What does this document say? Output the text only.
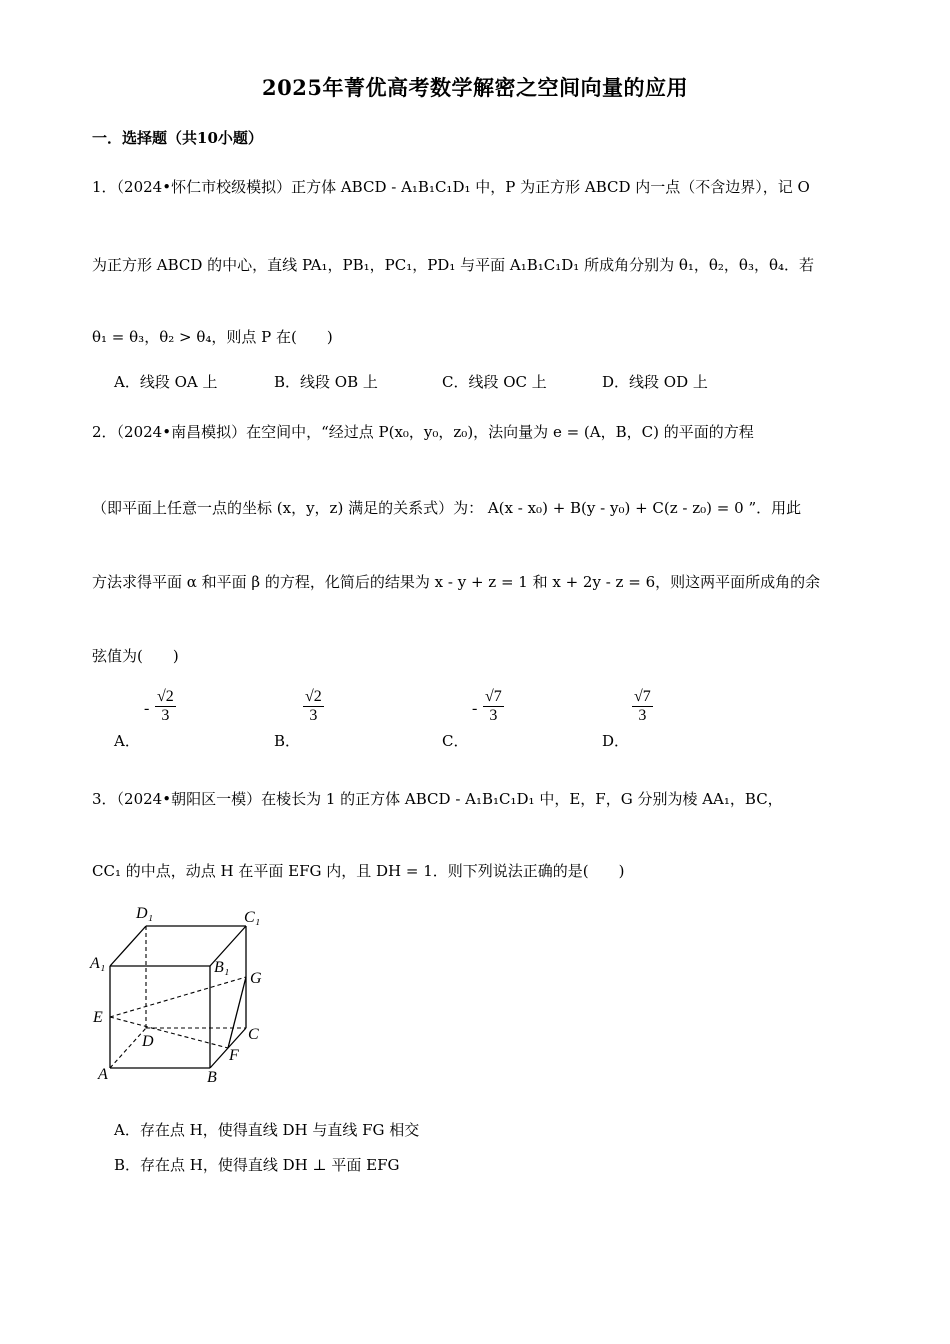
2025年菁优高考数学解密之空间向量的应用
一．选择题（共10小题）
1．（2024•怀仁市校级模拟）正方体 ABCD - A₁B₁C₁D₁ 中，P 为正方形 ABCD 内一点（不含边界），记 O
为正方形 ABCD 的中心，直线 PA₁，PB₁，PC₁，PD₁ 与平面 A₁B₁C₁D₁ 所成角分别为 θ₁，θ₂，θ₃，θ₄．若
θ₁ = θ₃，θ₂ > θ₄，则点 P 在(　　)
A．线段 OA 上	B．线段 OB 上	C．线段 OC 上	D．线段 OD 上
2．（2024•南昌模拟）在空间中，“经过点 P(x₀，y₀，z₀)，法向量为 e = (A，B，C) 的平面的方程
（即平面上任意一点的坐标 (x，y，z) 满足的关系式）为： A(x - x₀) + B(y - y₀) + C(z - z₀) = 0 ”．用此
方法求得平面 α 和平面 β 的方程，化简后的结果为 x - y + z = 1 和 x + 2y - z = 6，则这两平面所成角的余
弦值为(　　)
- $\frac{√2}{3}$
A．
$\frac{√2}{3}$
B．
- $\frac{√7}{3}$
C．
$\frac{√7}{3}$
D．
3．（2024•朝阳区一模）在棱长为 1 的正方体 ABCD - A₁B₁C₁D₁ 中，E，F，G 分别为棱 AA₁，BC，
CC₁ 的中点，动点 H 在平面 EFG 内，且 DH = 1．则下列说法正确的是(　　)
D₁	C₁
A₁	B₁
G
E
C
D
F
A	B
A．存在点 H，使得直线 DH 与直线 FG 相交
B．存在点 H，使得直线 DH ⊥ 平面 EFG
